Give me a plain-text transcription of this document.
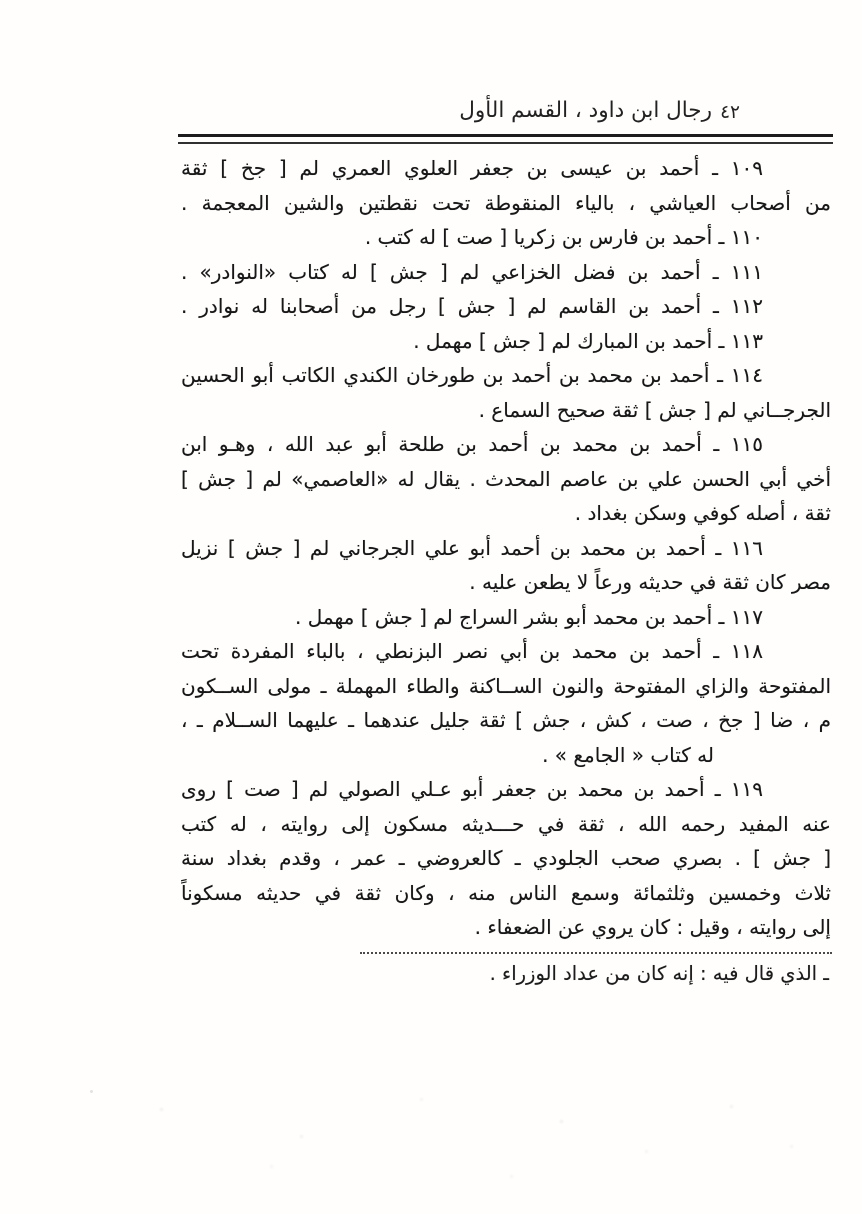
رجال ابن داود ، القسم الأول ٤٢
١٠٩ ـ أحمد بن عيسى بن جعفر العلوي العمري لم [ جخ ] ثقة
من أصحاب العياشي ، بالياء المنقوطة تحت نقطتين والشين المعجمة .
١١٠ ـ أحمد بن فارس بن زكريا [ صت ] له كتب .
١١١ ـ أحمد بن فضل الخزاعي لم [ جش ] له كتاب «النوادر» .
١١٢ ـ أحمد بن القاسم لم [ جش ] رجل من أصحابنا له نوادر .
١١٣ ـ أحمد بن المبارك لم [ جش ] مهمل .
١١٤ ـ أحمد بن محمد بن أحمد بن طورخان الكندي الكاتب أبو الحسين
الجرجــاني لم [ جش ] ثقة صحيح السماع .
١١٥ ـ أحمد بن محمد بن أحمد بن طلحة أبو عبد الله ، وهـو ابن
أخي أبي الحسن علي بن عاصم المحدث . يقال له «العاصمي» لم [ جش ]
ثقة ، أصله كوفي وسكن بغداد .
١١٦ ـ أحمد بن محمد بن أحمد أبو علي الجرجاني لم [ جش ] نزيل
مصر كان ثقة في حديثه ورعاً لا يطعن عليه .
١١٧ ـ أحمد بن محمد أبو بشر السراج لم [ جش ] مهمل .
١١٨ ـ أحمد بن محمد بن أبي نصر البزنطي ، بالباء المفردة تحت
المفتوحة والزاي المفتوحة والنون الســاكنة والطاء المهملة ـ مولى الســكون
م ، ضا [ جخ ، صت ، كش ، جش ] ثقة جليل عندهما ـ عليهما الســلام ـ ،
له كتاب « الجامع » .
١١٩ ـ أحمد بن محمد بن جعفر أبو عـلي الصولي لم [ صت ] روى
عنه المفيد رحمه الله ، ثقة في حـــديثه مسكون إلى روايته ، له كتب
[ جش ] . بصري صحب الجلودي ـ كالعروضي ـ عمر ، وقدم بغداد سنة
ثلاث وخمسين وثلثمائة وسمع الناس منه ، وكان ثقة في حديثه مسكوناً
إلى روايته ، وقيل : كان يروي عن الضعفاء .
ـ الذي قال فيه : إنه كان من عداد الوزراء .
